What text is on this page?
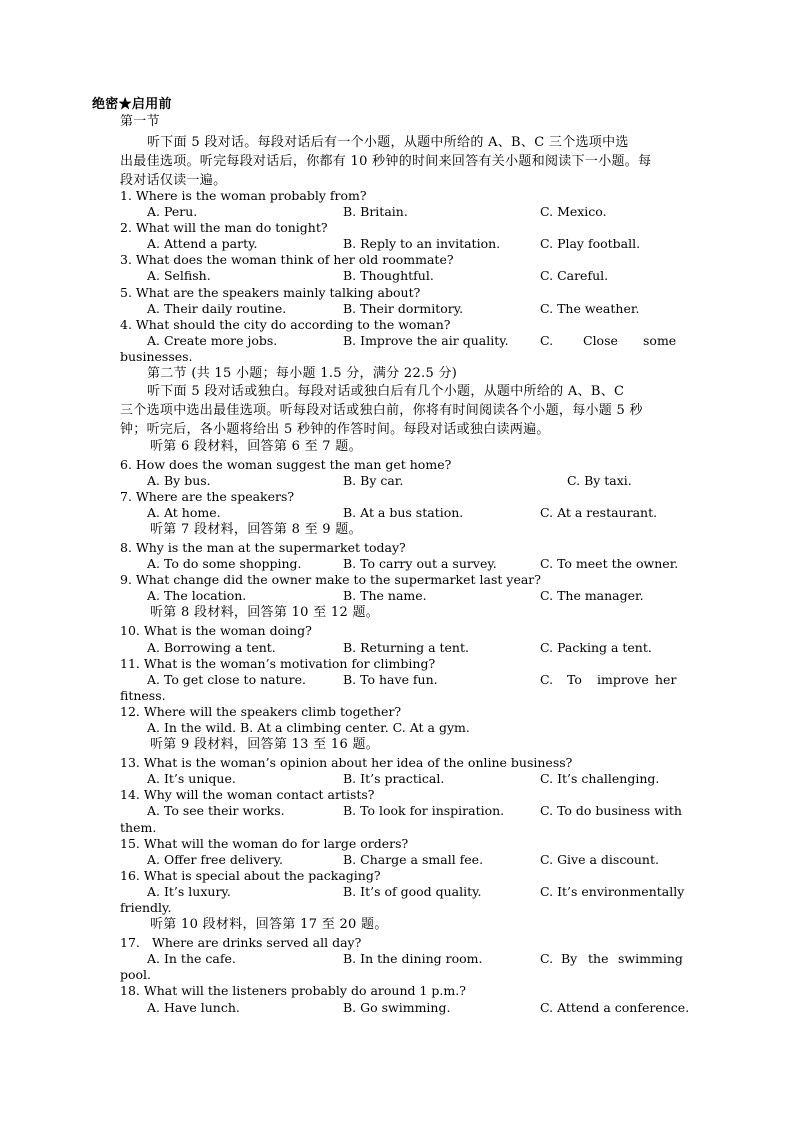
绝密★启用前
第一节
听下面 5 段对话。每段对话后有一个小题，从题中所给的 A、B、C 三个选项中选
出最佳选项。听完每段对话后，你都有 10 秒钟的时间来回答有关小题和阅读下一小题。每
段对话仅读一遍。
1. Where is the woman probably from?
A. Peru.	B. Britain.	C. Mexico.
2. What will the man do tonight?
A. Attend a party.	B. Reply to an invitation.	C. Play football.
3. What does the woman think of her old roommate?
A. Selfish.	B. Thoughtful.	C. Careful.
5. What are the speakers mainly talking about?
A. Their daily routine.	B. Their dormitory.	C. The weather.
4. What should the city do according to the woman?
A. Create more jobs.	B. Improve the air quality.	C. Close some
businesses.
第二节 (共 15 小题；每小题 1.5 分，满分 22.5 分)
听下面 5 段对话或独白。每段对话或独白后有几个小题，从题中所给的 A、B、C
三个选项中选出最佳选项。听每段对话或独白前，你将有时间阅读各个小题，每小题 5 秒
钟；听完后，各小题将给出 5 秒钟的作答时间。每段对话或独白读两遍。
听第 6 段材料，回答第 6 至 7 题。
6. How does the woman suggest the man get home?
A. By bus.	B. By car.	C. By taxi.
7. Where are the speakers?
A. At home.	B. At a bus station.	C. At a restaurant.
听第 7 段材料，回答第 8 至 9 题。
8. Why is the man at the supermarket today?
A. To do some shopping.	B. To carry out a survey.	C. To meet the owner.
9. What change did the owner make to the supermarket last year?
A. The location.	B. The name.	C. The manager.
听第 8 段材料，回答第 10 至 12 题。
10. What is the woman doing?
A. Borrowing a tent.	B. Returning a tent.	C. Packing a tent.
11. What is the woman’s motivation for climbing?
A. To get close to nature.	B. To have fun.	C. To improve her
fitness.
12. Where will the speakers climb together?
A. In the wild. B. At a climbing center. C. At a gym.
听第 9 段材料，回答第 13 至 16 题。
13. What is the woman’s opinion about her idea of the online business?
A. It’s unique.	B. It’s practical.	C. It’s challenging.
14. Why will the woman contact artists?
A. To see their works.	B. To look for inspiration.	C. To do business with
them.
15. What will the woman do for large orders?
A. Offer free delivery.	B. Charge a small fee.	C. Give a discount.
16. What is special about the packaging?
A. It’s luxury.	B. It’s of good quality.	C. It’s environmentally
friendly.
听第 10 段材料，回答第 17 至 20 题。
17. Where are drinks served all day?
A. In the cafe.	B. In the dining room.	C. By the swimming
pool.
18. What will the listeners probably do around 1 p.m.?
A. Have lunch.	B. Go swimming.	C. Attend a conference.
